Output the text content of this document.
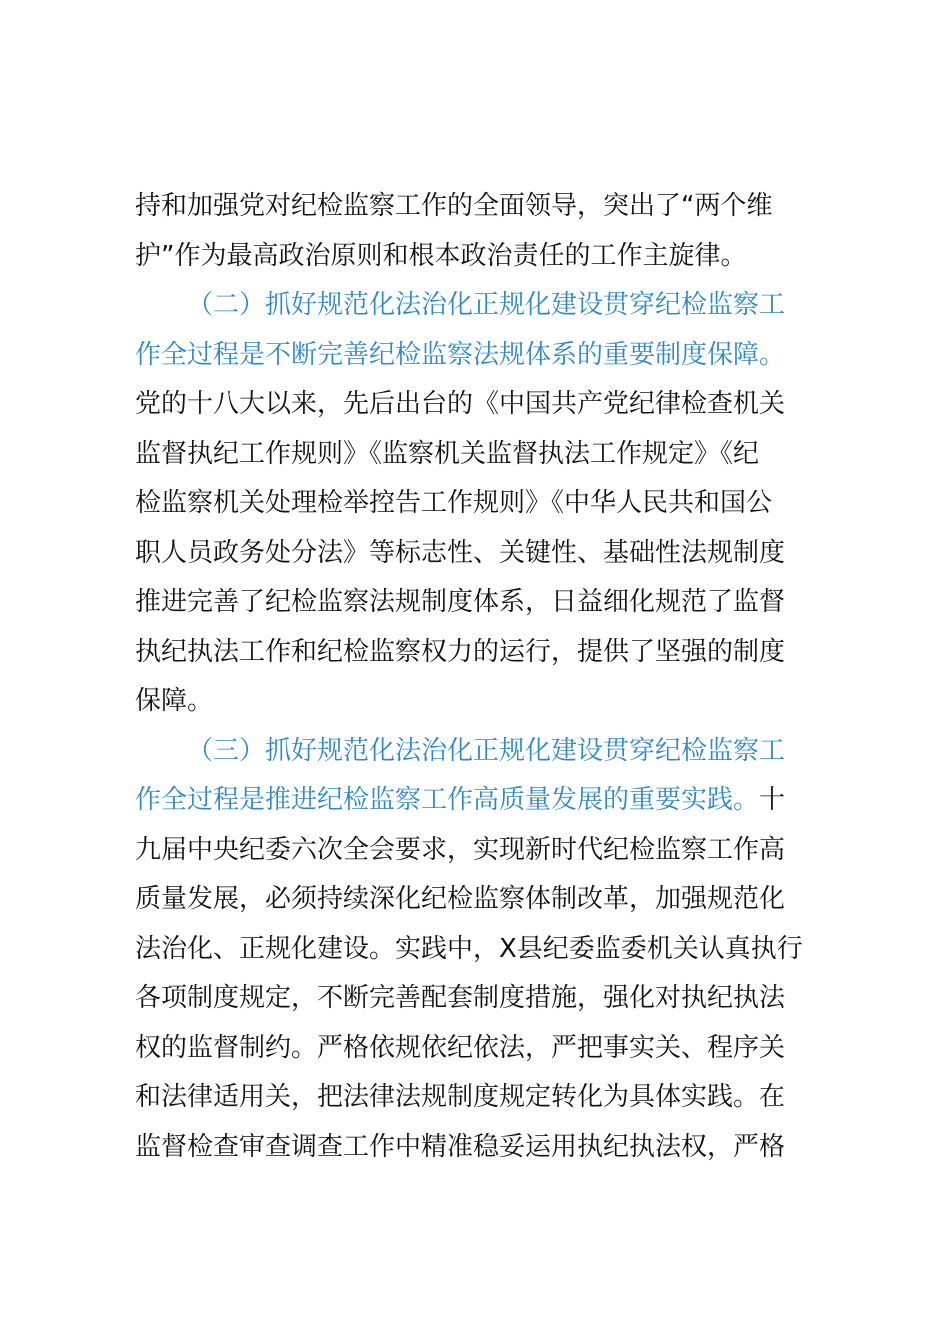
持和加强党对纪检监察工作的全面领导，突出了“两个维
护”作为最高政治原则和根本政治责任的工作主旋律。

（二）抓好规范化法治化正规化建设贯穿纪检监察工
作全过程是不断完善纪检监察法规体系的重要制度保障。
党的十八大以来，先后出台的《中国共产党纪律检查机关
监督执纪工作规则》《监察机关监督执法工作规定》《纪
检监察机关处理检举控告工作规则》《中华人民共和国公
职人员政务处分法》等标志性、关键性、基础性法规制度
推进完善了纪检监察法规制度体系，日益细化规范了监督
执纪执法工作和纪检监察权力的运行，提供了坚强的制度
保障。

（三）抓好规范化法治化正规化建设贯穿纪检监察工
作全过程是推进纪检监察工作高质量发展的重要实践。十
九届中央纪委六次全会要求，实现新时代纪检监察工作高
质量发展，必须持续深化纪检监察体制改革，加强规范化
法治化、正规化建设。实践中，X县纪委监委机关认真执行
各项制度规定，不断完善配套制度措施，强化对执纪执法
权的监督制约。严格依规依纪依法，严把事实关、程序关
和法律适用关，把法律法规制度规定转化为具体实践。在
监督检查审查调查工作中精准稳妥运用执纪执法权，严格
